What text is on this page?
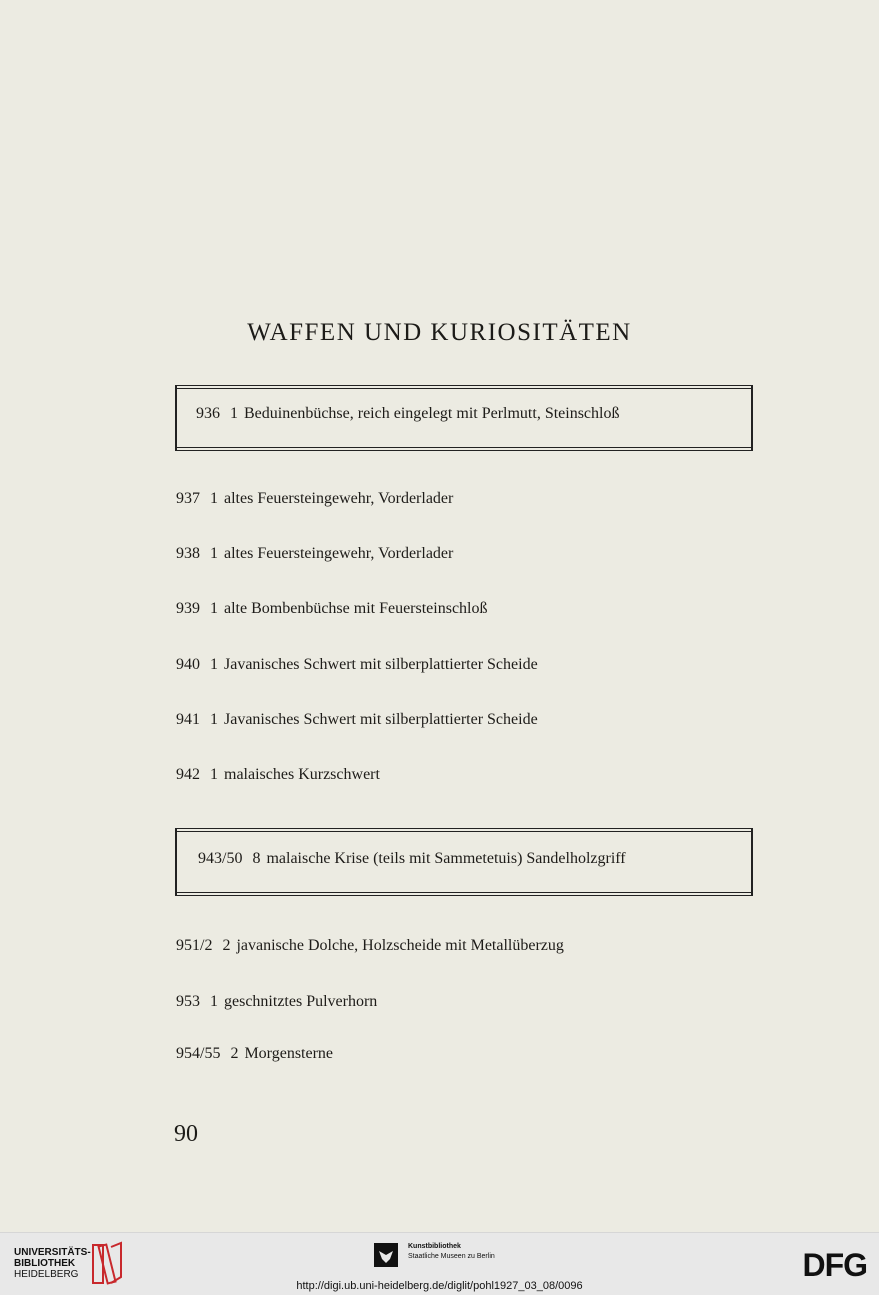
WAFFEN UND KURIOSITÄTEN
936 1 Beduinenbüchse, reich eingelegt mit Perlmutt, Steinschloß
937 1 altes Feuersteingewehr, Vorderlader
938 1 altes Feuersteingewehr, Vorderlader
939 1 alte Bombenbüchse mit Feuersteinschloß
940 1 Javanisches Schwert mit silberplattierter Scheide
941 1 Javanisches Schwert mit silberplattierter Scheide
942 1 malaisches Kurzschwert
943/50 8 malaische Krise (teils mit Sammetetuis) Sandelholzgriff
951/2 2 javanische Dolche, Holzscheide mit Metallüberzug
953 1 geschnitztes Pulverhorn
954/55 2 Morgensterne
90
UNIVERSITÄTS-
BIBLIOTHEK
HEIDELBERG
Kunstbibliothek
Staatliche Museen zu Berlin	DFG
http://digi.ub.uni-heidelberg.de/diglit/pohl1927_03_08/0096
